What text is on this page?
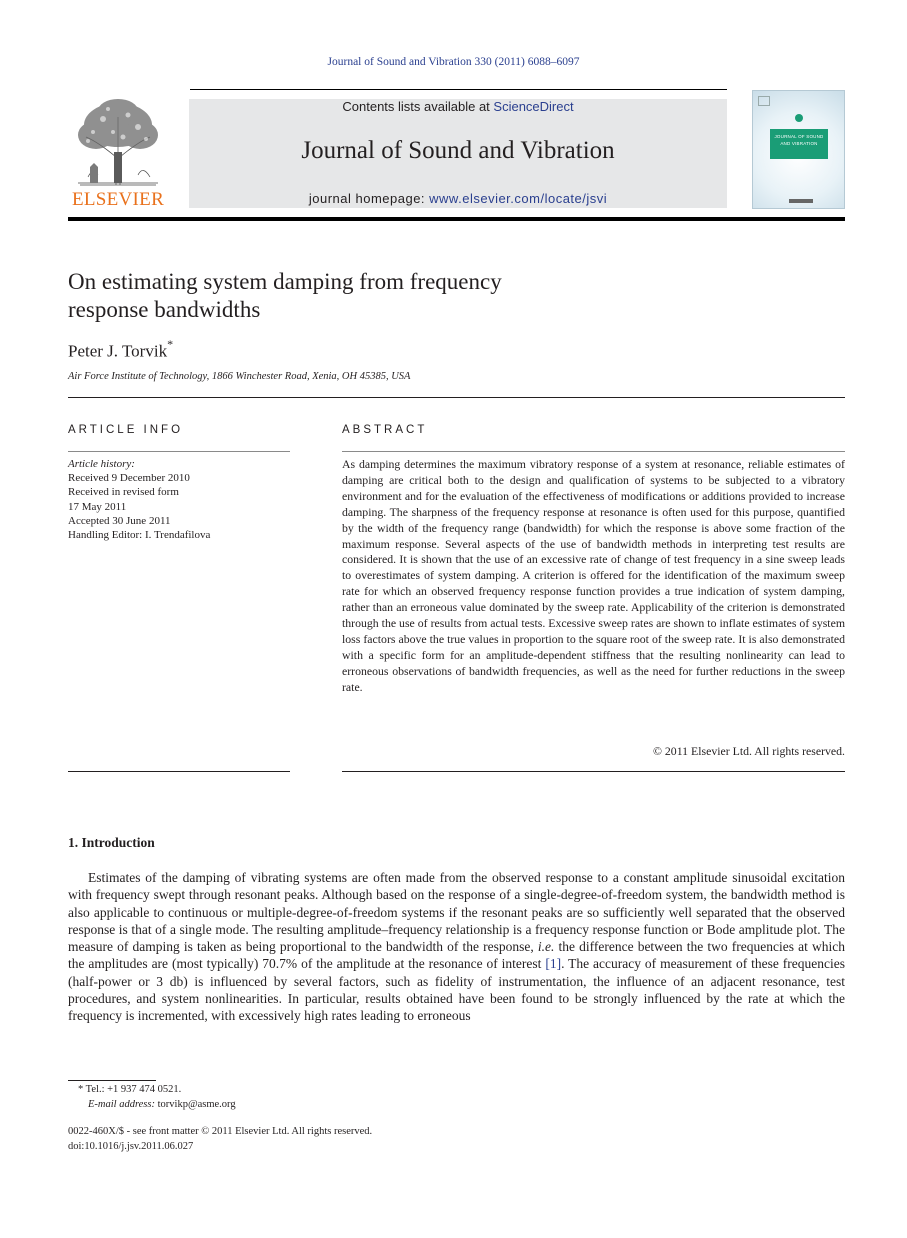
Journal of Sound and Vibration 330 (2011) 6088–6097
ELSEVIER
Contents lists available at ScienceDirect
Journal of Sound and Vibration
journal homepage: www.elsevier.com/locate/jsvi
JOURNAL OF SOUND AND VIBRATION
On estimating system damping from frequency
response bandwidths
Peter J. Torvik*
Air Force Institute of Technology, 1866 Winchester Road, Xenia, OH 45385, USA
ARTICLE INFO	ABSTRACT
Article history:
Received 9 December 2010
Received in revised form
17 May 2011
Accepted 30 June 2011
Handling Editor: I. Trendafilova
As damping determines the maximum vibratory response of a system at resonance, reliable estimates of damping are critical both to the design and qualification of systems to be subjected to a vibratory environment and for the evaluation of the effectiveness of modifications or additions provided to increase damping. The sharpness of the frequency response at resonance is often used for this purpose, quantified by the width of the frequency range (bandwidth) for which the response is above some fraction of the maximum response. Several aspects of the use of bandwidth methods in interpreting test results are considered. It is shown that the use of an excessive rate of change of test frequency in a sine sweep leads to overestimates of system damping. A criterion is offered for the identification of the maximum sweep rate for which an observed frequency response function provides a true indication of system damping, rather than an erroneous value dominated by the sweep rate. Applicability of the criterion is demonstrated through the use of results from actual tests. Excessive sweep rates are shown to inflate estimates of system loss factors above the true values in proportion to the square root of the sweep rate. It is also demonstrated with a specific form for an amplitude-dependent stiffness that the resulting nonlinearity can lead to erroneous observations of bandwidth frequencies, as well as the need for further reductions in the sweep rate.
© 2011 Elsevier Ltd. All rights reserved.
1. Introduction
Estimates of the damping of vibrating systems are often made from the observed response to a constant amplitude sinusoidal excitation with frequency swept through resonant peaks. Although based on the response of a single-degree-of-freedom system, the bandwidth method is also applicable to continuous or multiple-degree-of-freedom systems if the resonant peaks are so sufficiently well separated that the observed response is that of a single mode. The resulting amplitude–frequency relationship is a frequency response function or Bode amplitude plot. The measure of damping is taken as being proportional to the bandwidth of the response, i.e. the difference between the two frequencies at which the amplitudes are (most typically) 70.7% of the amplitude at the resonance of interest [1]. The accuracy of measurement of these frequencies (half-power or 3 db) is influenced by several factors, such as fidelity of instrumentation, the influence of an adjacent resonance, test procedures, and system nonlinearities. In particular, results obtained have been found to be strongly influenced by the rate at which the frequency is incremented, with excessively high rates leading to erroneous
* Tel.: +1 937 474 0521.
E-mail address: torvikp@asme.org
0022-460X/$ - see front matter © 2011 Elsevier Ltd. All rights reserved.
doi:10.1016/j.jsv.2011.06.027
